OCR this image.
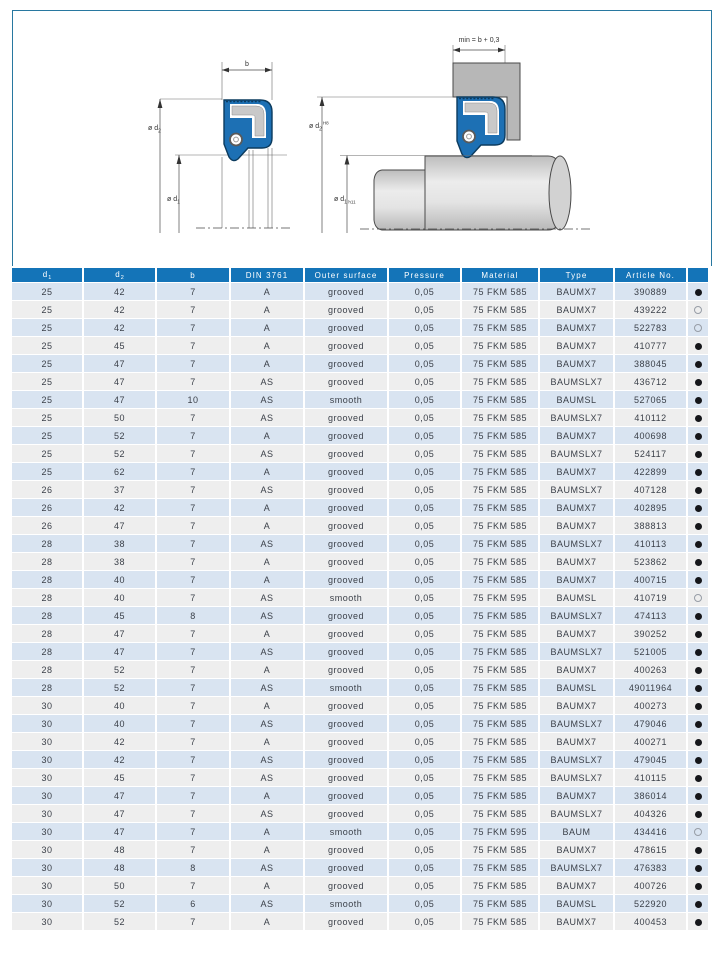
b
ø $d_2$
ø $d_1$
min = b + 0,3
ø $d_2^{H8}$
ø $d_1$ h11
$d_1$	$d_2$	b	DIN 3761	Outer surface	Pressure	Material	Type	Article No.	
25	42	7	A	grooved	0,05	75 FKM 585	BAUMX7	390889	
25	42	7	A	grooved	0,05	75 FKM 585	BAUMX7	439222	
25	42	7	A	grooved	0,05	75 FKM 585	BAUMX7	522783	
25	45	7	A	grooved	0,05	75 FKM 585	BAUMX7	410777	
25	47	7	A	grooved	0,05	75 FKM 585	BAUMX7	388045	
25	47	7	AS	grooved	0,05	75 FKM 585	BAUMSLX7	436712	
25	47	10	AS	smooth	0,05	75 FKM 585	BAUMSL	527065	
25	50	7	AS	grooved	0,05	75 FKM 585	BAUMSLX7	410112	
25	52	7	A	grooved	0,05	75 FKM 585	BAUMX7	400698	
25	52	7	AS	grooved	0,05	75 FKM 585	BAUMSLX7	524117	
25	62	7	A	grooved	0,05	75 FKM 585	BAUMX7	422899	
26	37	7	AS	grooved	0,05	75 FKM 585	BAUMSLX7	407128	
26	42	7	A	grooved	0,05	75 FKM 585	BAUMX7	402895	
26	47	7	A	grooved	0,05	75 FKM 585	BAUMX7	388813	
28	38	7	AS	grooved	0,05	75 FKM 585	BAUMSLX7	410113	
28	38	7	A	grooved	0,05	75 FKM 585	BAUMX7	523862	
28	40	7	A	grooved	0,05	75 FKM 585	BAUMX7	400715	
28	40	7	AS	smooth	0,05	75 FKM 595	BAUMSL	410719	
28	45	8	AS	grooved	0,05	75 FKM 585	BAUMSLX7	474113	
28	47	7	A	grooved	0,05	75 FKM 585	BAUMX7	390252	
28	47	7	AS	grooved	0,05	75 FKM 585	BAUMSLX7	521005	
28	52	7	A	grooved	0,05	75 FKM 585	BAUMX7	400263	
28	52	7	AS	smooth	0,05	75 FKM 585	BAUMSL	49011964	
30	40	7	A	grooved	0,05	75 FKM 585	BAUMX7	400273	
30	40	7	AS	grooved	0,05	75 FKM 585	BAUMSLX7	479046	
30	42	7	A	grooved	0,05	75 FKM 585	BAUMX7	400271	
30	42	7	AS	grooved	0,05	75 FKM 585	BAUMSLX7	479045	
30	45	7	AS	grooved	0,05	75 FKM 585	BAUMSLX7	410115	
30	47	7	A	grooved	0,05	75 FKM 585	BAUMX7	386014	
30	47	7	AS	grooved	0,05	75 FKM 585	BAUMSLX7	404326	
30	47	7	A	smooth	0,05	75 FKM 595	BAUM	434416	
30	48	7	A	grooved	0,05	75 FKM 585	BAUMX7	478615	
30	48	8	AS	grooved	0,05	75 FKM 585	BAUMSLX7	476383	
30	50	7	A	grooved	0,05	75 FKM 585	BAUMX7	400726	
30	52	6	AS	smooth	0,05	75 FKM 585	BAUMSL	522920	
30	52	7	A	grooved	0,05	75 FKM 585	BAUMX7	400453	
